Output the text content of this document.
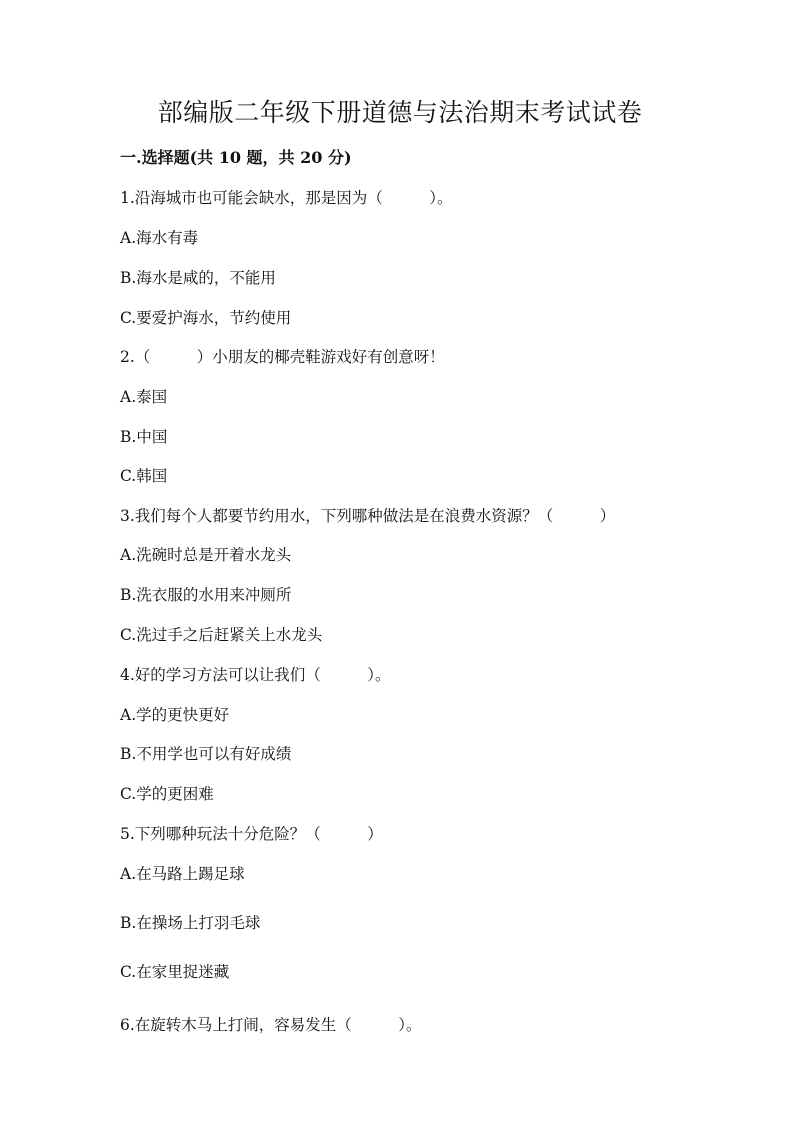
部编版二年级下册道德与法治期末考试试卷
一.选择题(共 10 题，共 20 分)
1.沿海城市也可能会缺水，那是因为（　　　）。
A.海水有毒
B.海水是咸的，不能用
C.要爱护海水，节约使用
2.（　　　）小朋友的椰壳鞋游戏好有创意呀！
A.泰国
B.中国
C.韩国
3.我们每个人都要节约用水，下列哪种做法是在浪费水资源？（　　　）
A.洗碗时总是开着水龙头
B.洗衣服的水用来冲厕所
C.洗过手之后赶紧关上水龙头
4.好的学习方法可以让我们（　　　）。
A.学的更快更好
B.不用学也可以有好成绩
C.学的更困难
5.下列哪种玩法十分危险？（　　　）
A.在马路上踢足球
B.在操场上打羽毛球
C.在家里捉迷藏
6.在旋转木马上打闹，容易发生（　　　）。
